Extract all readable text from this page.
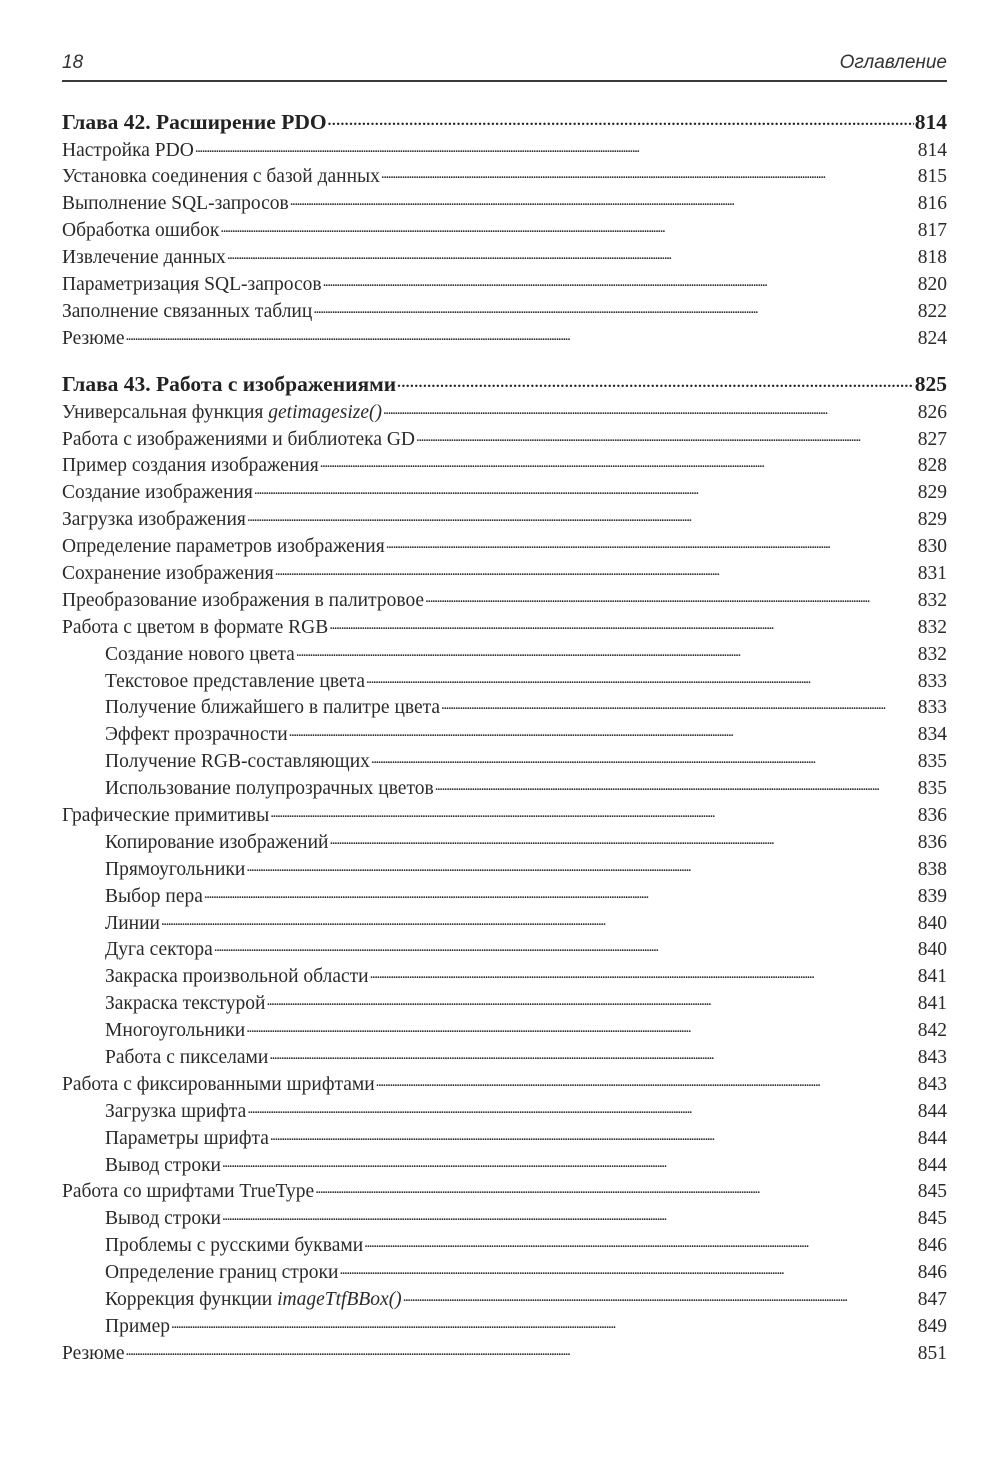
18	Оглавление
Глава 42. Расширение PDO . . .	814
Настройка PDO . . .	814
Установка соединения с базой данных . . .	815
Выполнение SQL-запросов . . .	816
Обработка ошибок . . .	817
Извлечение данных . . .	818
Параметризация SQL-запросов . . .	820
Заполнение связанных таблиц . . .	822
Резюме . . .	824
Глава 43. Работа с изображениями . . .	825
Универсальная функция getimagesize() . . .	826
Работа с изображениями и библиотека GD . . .	827
Пример создания изображения . . .	828
Создание изображения . . .	829
Загрузка изображения . . .	829
Определение параметров изображения . . .	830
Сохранение изображения . . .	831
Преобразование изображения в палитровое . . .	832
Работа с цветом в формате RGB . . .	832
Создание нового цвета . . .	832
Текстовое представление цвета . . .	833
Получение ближайшего в палитре цвета . . .	833
Эффект прозрачности . . .	834
Получение RGB-составляющих . . .	835
Использование полупрозрачных цветов . . .	835
Графические примитивы . . .	836
Копирование изображений . . .	836
Прямоугольники . . .	838
Выбор пера . . .	839
Линии . . .	840
Дуга сектора . . .	840
Закраска произвольной области . . .	841
Закраска текстурой . . .	841
Многоугольники . . .	842
Работа с пикселами . . .	843
Работа с фиксированными шрифтами . . .	843
Загрузка шрифта . . .	844
Параметры шрифта . . .	844
Вывод строки . . .	844
Работа со шрифтами TrueType . . .	845
Вывод строки . . .	845
Проблемы с русскими буквами . . .	846
Определение границ строки . . .	846
Коррекция функции imageTtfBBox() . . .	847
Пример . . .	849
Резюме . . .	851
